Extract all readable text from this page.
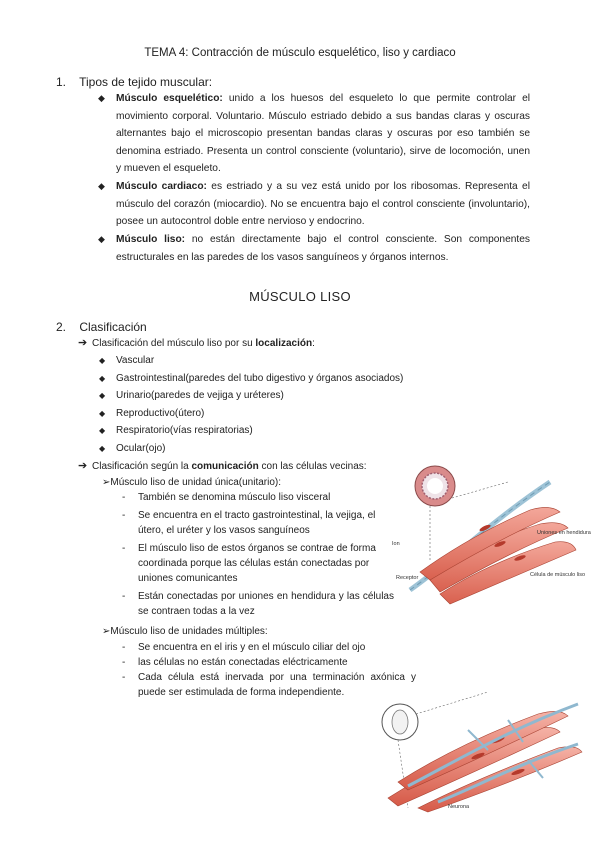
TEMA 4: Contracción de músculo esquelético, liso y cardiaco
1. Tipos de tejido muscular:
◆ Músculo esquelético: unido a los huesos del esqueleto lo que permite controlar el movimiento corporal. Voluntario. Músculo estriado debido a sus bandas claras y oscuras alternantes bajo el microscopio presentan bandas claras y oscuras por eso también se denomina estriado. Presenta un control consciente (voluntario), sirve de locomoción, unen y mueven el esqueleto.
◆ Músculo cardiaco: es estriado y a su vez está unido por los ribosomas. Representa el músculo del corazón (miocardio). No se encuentra bajo el control consciente (involuntario), posee un autocontrol doble entre nervioso y endocrino.
◆ Músculo liso: no están directamente bajo el control consciente. Son componentes estructurales en las paredes de los vasos sanguíneos y órganos internos.
MÚSCULO LISO
2. Clasificación
➔ Clasificación del músculo liso por su localización:
◆ Vascular
◆ Gastrointestinal(paredes del tubo digestivo y órganos asociados)
◆ Urinario(paredes de vejiga y uréteres)
◆ Reproductivo(útero)
◆ Respiratorio(vías respiratorias)
◆ Ocular(ojo)
➔ Clasificación según la comunicación con las células vecinas:
➢Músculo liso de unidad única(unitario):
- También se denomina músculo liso visceral
- Se encuentra en el tracto gastrointestinal, la vejiga, el útero, el uréter y los vasos sanguíneos
- El músculo liso de estos órganos se contrae de forma coordinada porque las células están conectadas por uniones comunicantes
- Están conectadas por uniones en hendidura y las células se contraen todas a la vez
➢Músculo liso de unidades múltiples:
- Se encuentra en el iris y en el músculo ciliar del ojo
- las células no están conectadas eléctricamente
- Cada célula está inervada por una terminación axónica y puede ser estimulada de forma independiente.
Uniones en hendidura
Célula de músculo liso
Ion
Receptor
Neurona
